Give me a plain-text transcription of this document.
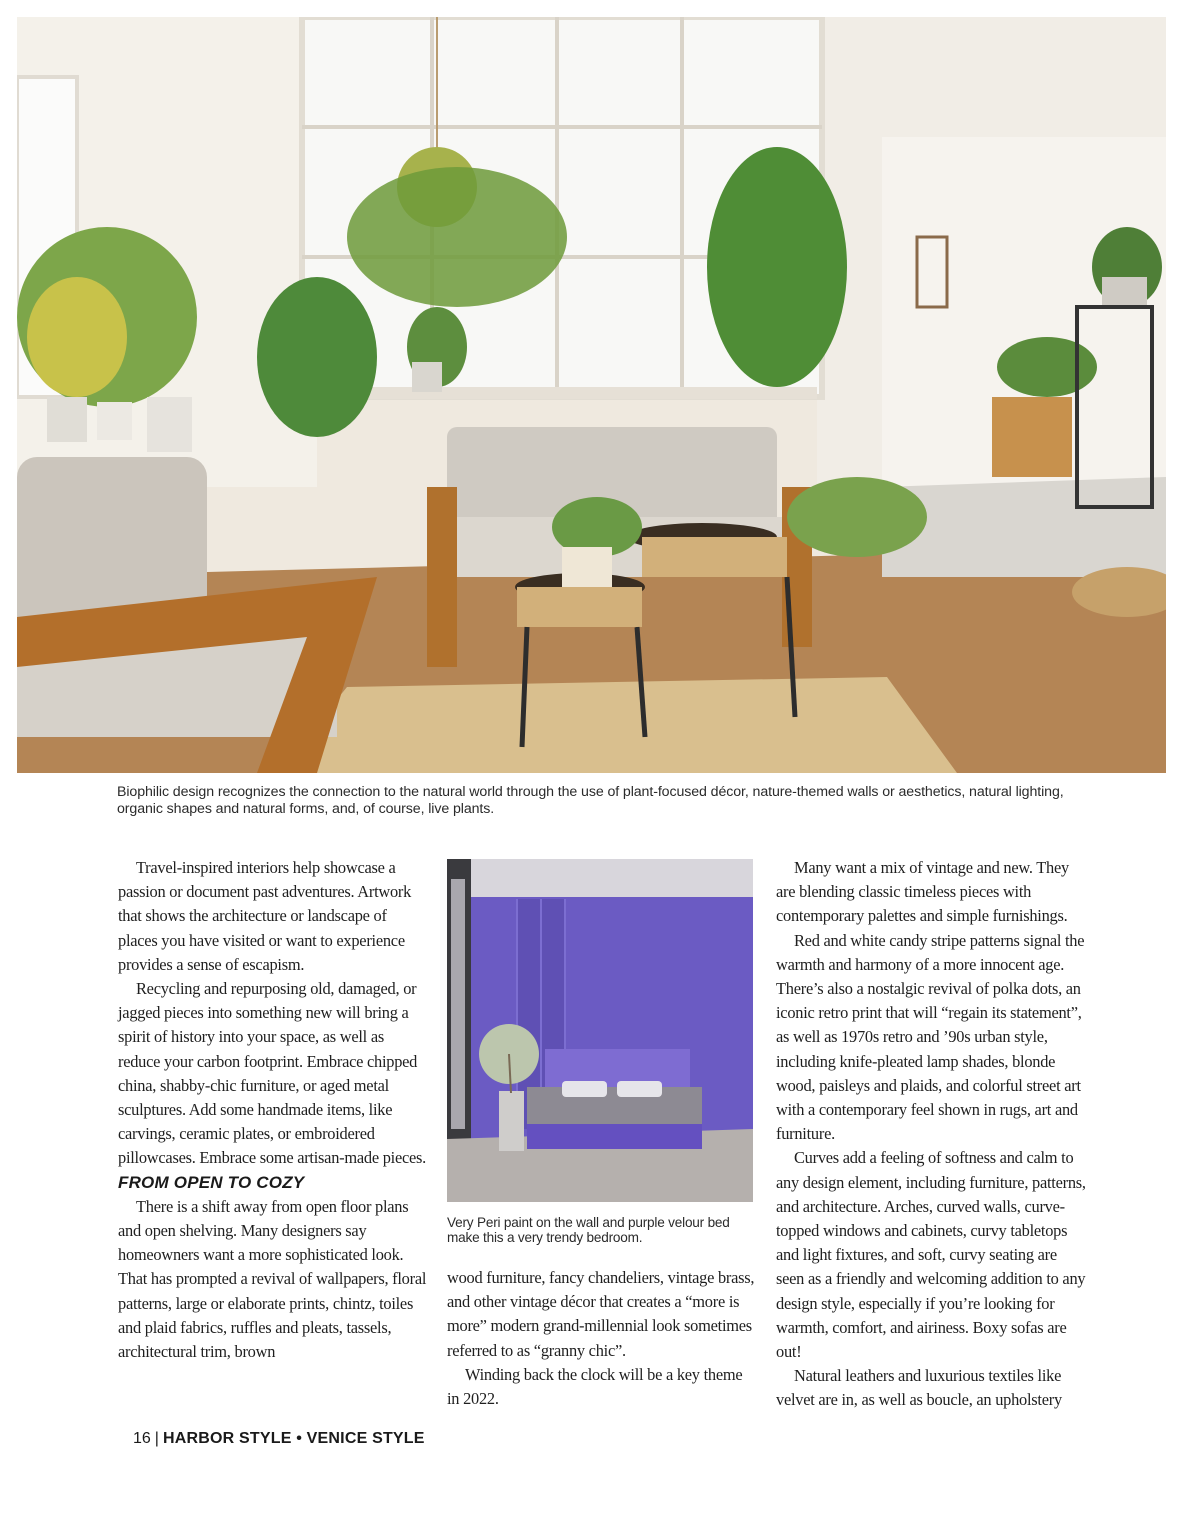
Biophilic design recognizes the connection to the natural world through the use of plant-focused décor, nature-themed walls or aesthetics, natural lighting, organic shapes and natural forms, and, of course, live plants.

Travel-inspired interiors help showcase a passion or document past adventures. Artwork that shows the architecture or landscape of places you have visited or want to experience provides a sense of escapism.

Recycling and repurposing old, damaged, or jagged pieces into something new will bring a spirit of history into your space, as well as reduce your carbon footprint. Embrace chipped china, shabby-chic furniture, or aged metal sculptures. Add some handmade items, like carvings, ceramic plates, or embroidered pillowcases. Embrace some artisan-made pieces.

FROM OPEN TO COZY

There is a shift away from open floor plans and open shelving. Many designers say homeowners want a more sophisticated look. That has prompted a revival of wallpapers, floral patterns, large or elaborate prints, chintz, toiles and plaid fabrics, ruffles and pleats, tassels, architectural trim, brown

Very Peri paint on the wall and purple velour bed make this a very trendy bedroom.

wood furniture, fancy chandeliers, vintage brass, and other vintage décor that creates a “more is more” modern grand-millennial look sometimes referred to as “granny chic”.

Winding back the clock will be a key theme in 2022.

Many want a mix of vintage and new. They are blending classic timeless pieces with contemporary palettes and simple furnishings.

Red and white candy stripe patterns signal the warmth and harmony of a more innocent age. There’s also a nostalgic revival of polka dots, an iconic retro print that will “regain its statement”, as well as 1970s retro and ’90s urban style, including knife-pleated lamp shades, blonde wood, paisleys and plaids, and colorful street art with a contemporary feel shown in rugs, art and furniture.

Curves add a feeling of softness and calm to any design element, including furniture, patterns, and architecture. Arches, curved walls, curve-topped windows and cabinets, curvy tabletops and light fixtures, and soft, curvy seating are seen as a friendly and welcoming addition to any design style, especially if you’re looking for warmth, comfort, and airiness. Boxy sofas are out!

Natural leathers and luxurious textiles like velvet are in, as well as boucle, an upholstery

16 | HARBOR STYLE • VENICE STYLE
